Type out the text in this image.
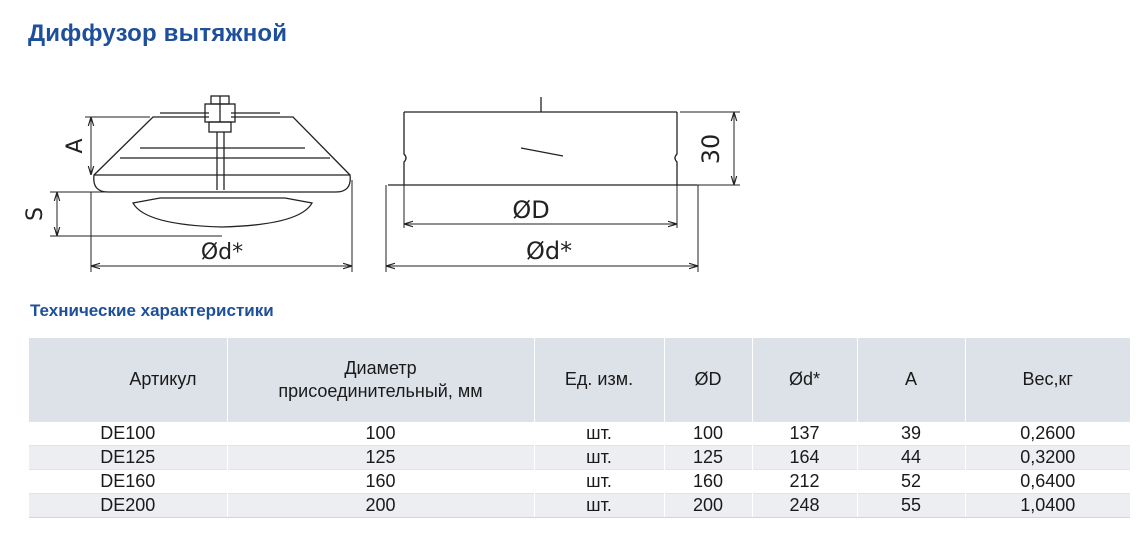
Диффузор вытяжной
A
S
Ød*
30
ØD
Ød*
Технические характеристики
Артикул	Диаметр присоединительный, мм	Ед. изм.	ØD	Ød*	A	Вес,кг
DE100	100	шт.	100	137	39	0,2600
DE125	125	шт.	125	164	44	0,3200
DE160	160	шт.	160	212	52	0,6400
DE200	200	шт.	200	248	55	1,0400
